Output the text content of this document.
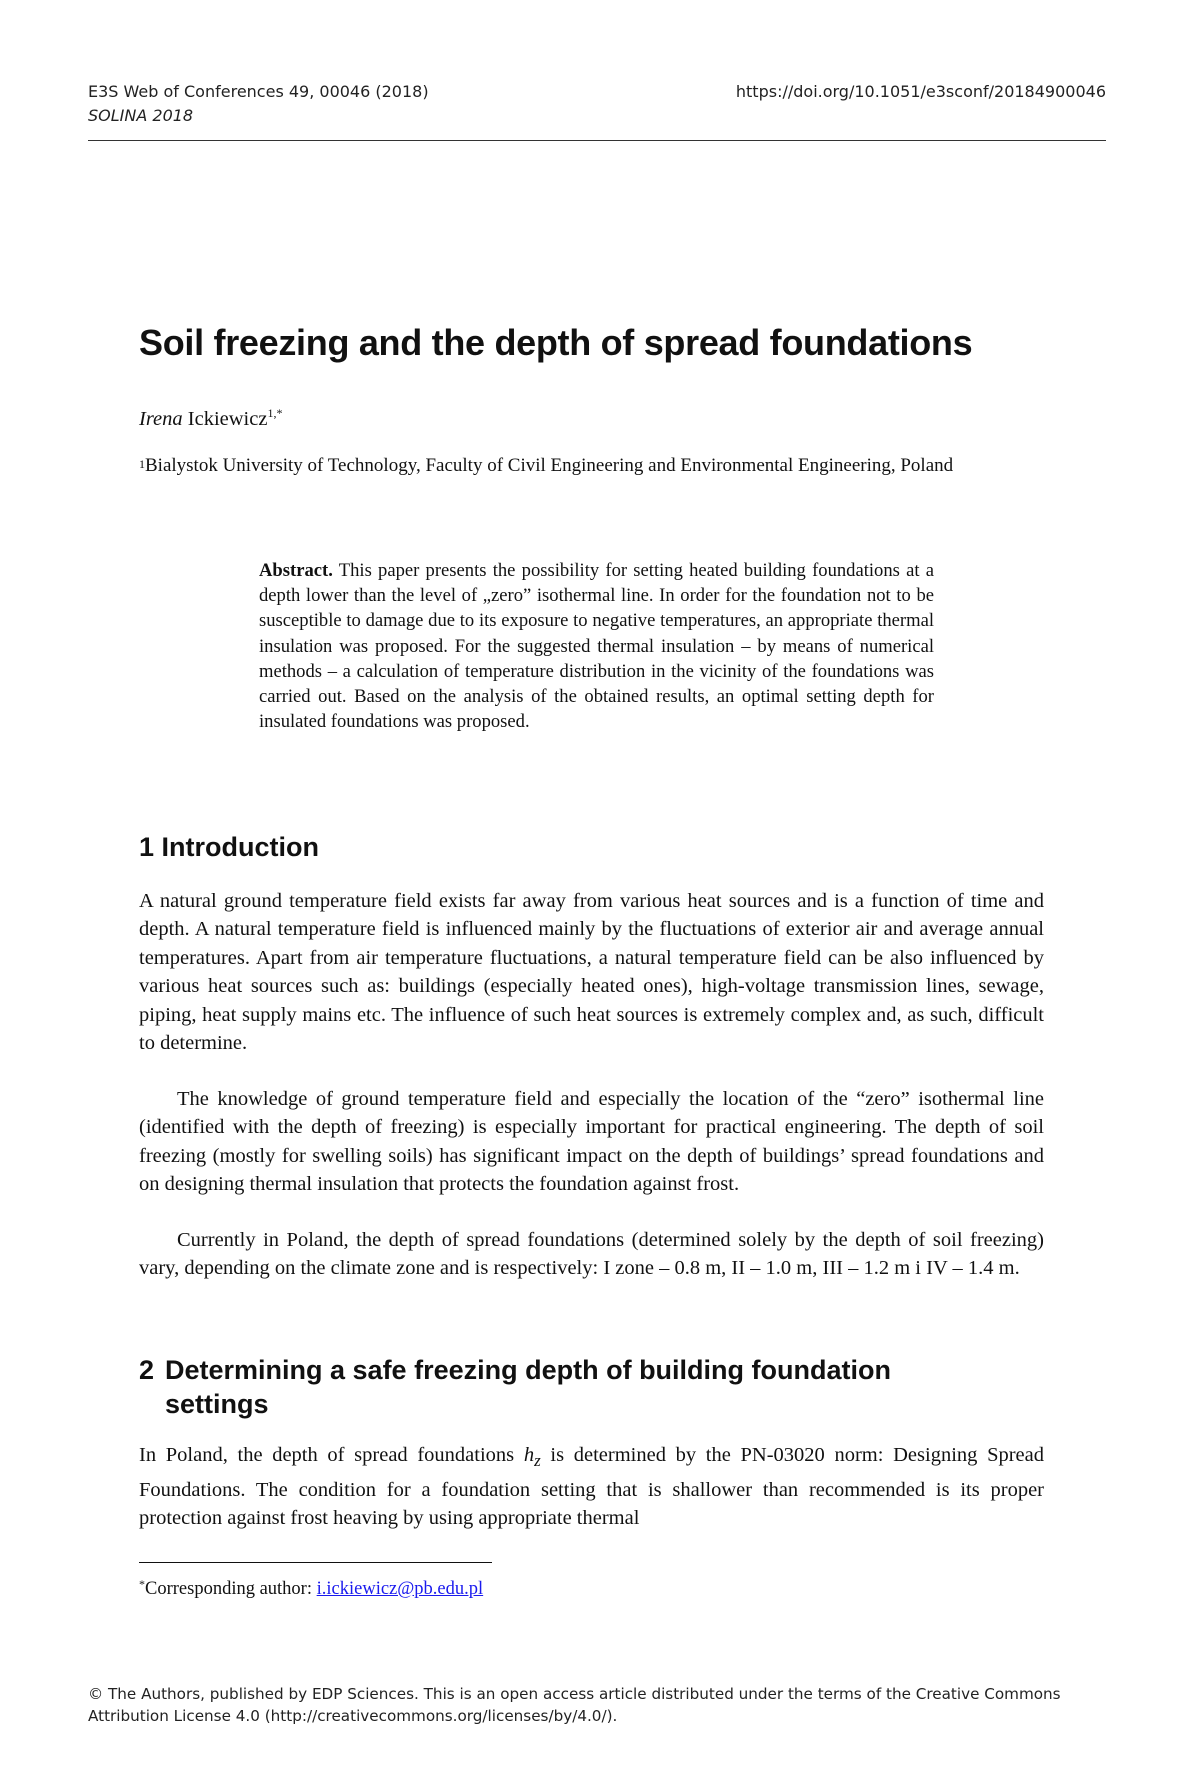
E3S Web of Conferences 49, 00046 (2018)
SOLINA 2018
https://doi.org/10.1051/e3sconf/20184900046
Soil freezing and the depth of spread foundations
Irena Ickiewicz$^{1,*}$
$^1$Bialystok University of Technology, Faculty of Civil Engineering and Environmental Engineering, Poland
Abstract. This paper presents the possibility for setting heated building foundations at a depth lower than the level of „zero” isothermal line. In order for the foundation not to be susceptible to damage due to its exposure to negative temperatures, an appropriate thermal insulation was proposed. For the suggested thermal insulation – by means of numerical methods – a calculation of temperature distribution in the vicinity of the foundations was carried out. Based on the analysis of the obtained results, an optimal setting depth for insulated foundations was proposed.
1 Introduction

A natural ground temperature field exists far away from various heat sources and is a function of time and depth. A natural temperature field is influenced mainly by the fluctuations of exterior air and average annual temperatures. Apart from air temperature fluctuations, a natural temperature field can be also influenced by various heat sources such as: buildings (especially heated ones), high-voltage transmission lines, sewage, piping, heat supply mains etc. The influence of such heat sources is extremely complex and, as such, difficult to determine.

The knowledge of ground temperature field and especially the location of the “zero” isothermal line (identified with the depth of freezing) is especially important for practical engineering. The depth of soil freezing (mostly for swelling soils) has significant impact on the depth of buildings’ spread foundations and on designing thermal insulation that protects the foundation against frost.

Currently in Poland, the depth of spread foundations (determined solely by the depth of soil freezing) vary, depending on the climate zone and is respectively: I zone – 0.8 m, II – 1.0 m, III – 1.2 m i IV – 1.4 m.

2 Determining a safe freezing depth of building foundation
settings

In Poland, the depth of spread foundations $h_z$ is determined by the PN-03020 norm: Designing Spread Foundations. The condition for a foundation setting that is shallower than recommended is its proper protection against frost heaving by using appropriate thermal

*Corresponding author: i.ickiewicz@pb.edu.pl
© The Authors, published by EDP Sciences. This is an open access article distributed under the terms of the Creative Commons Attribution License 4.0 (http://creativecommons.org/licenses/by/4.0/).
